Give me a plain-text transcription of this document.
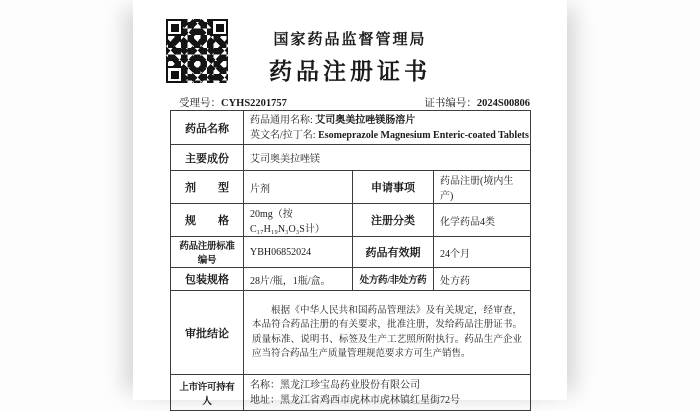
国家药品监督管理局
药品注册证书
受理号：CYHS2201757	证书编号：2024S00806
药品名称	药品通用名称: 艾司奥美拉唑镁肠溶片
英文名/拉丁名: Esomeprazole Magnesium Enteric-coated Tablets		

主要成份	艾司奥美拉唑镁		
剂　　型	片剂	申请事项	药品注册(境内生产)
规　　格	20mg（按C₁₇H₁₉N₃O₃S计）	注册分类	化学药品4类
药品注册标准编号	YBH06852024	药品有效期	24个月
包装规格	28片/瓶，1瓶/盒。	处方药/非处方药	处方药
审批结论	根据《中华人民共和国药品管理法》及有关规定，经审查，本品符合药品注册的有关要求，批准注册，发给药品注册证书。质量标准、说明书、标签及生产工艺照所附执行。药品生产企业应当符合药品生产质量管理规范要求方可生产销售。		

上市许可持有人	名称：黑龙江珍宝岛药业股份有限公司
地址：黑龙江省鸡西市虎林市虎林镇红星街72号		
